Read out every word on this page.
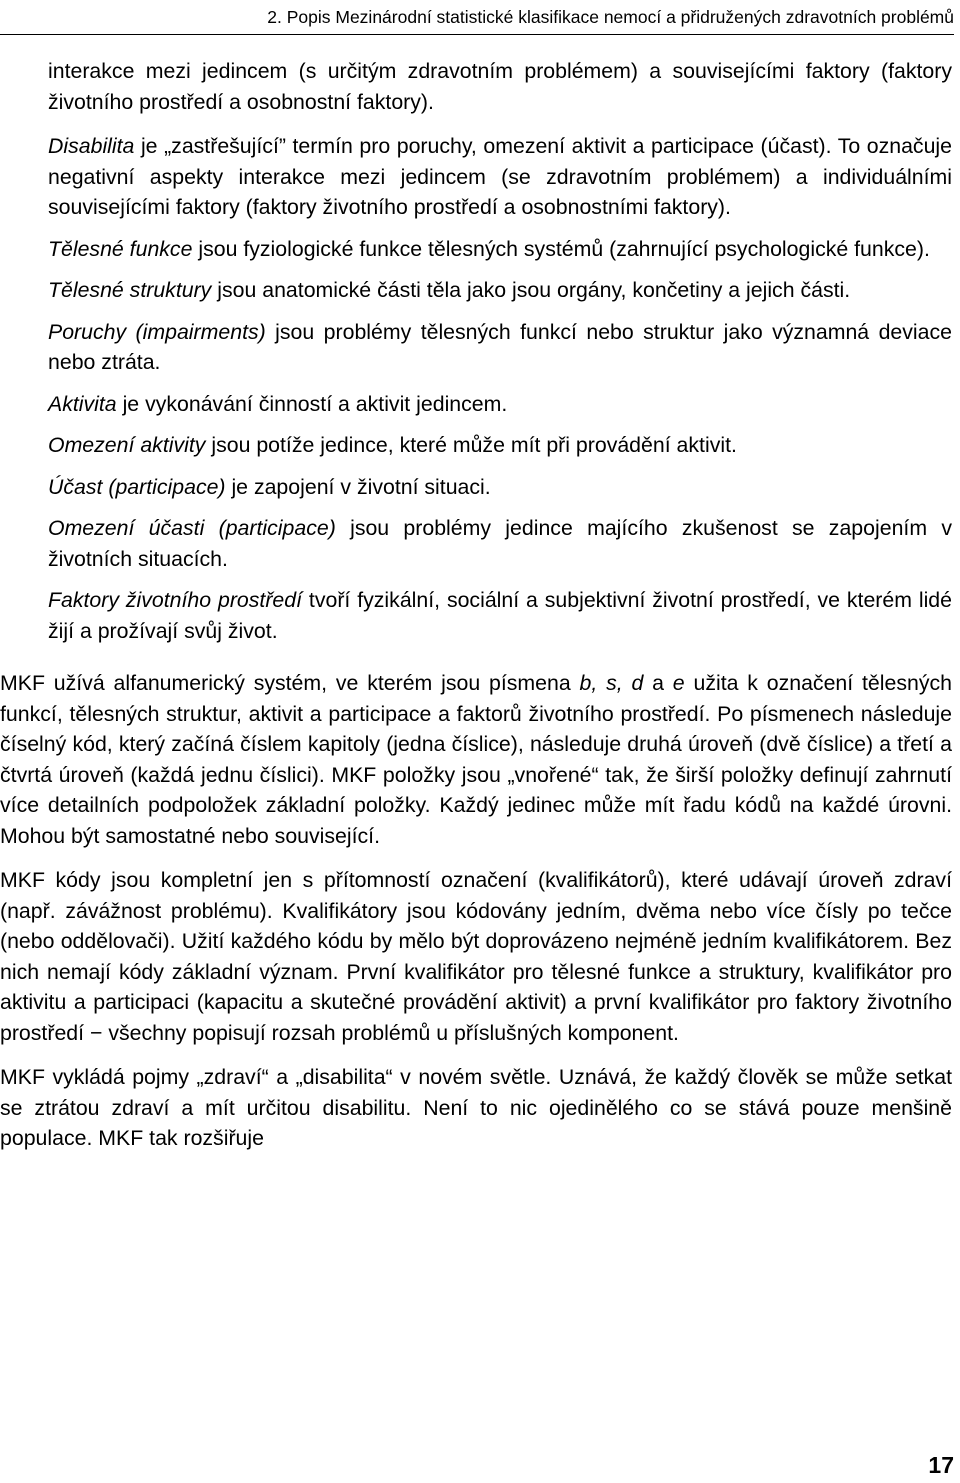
2. Popis Mezinárodní statistické klasifikace nemocí a přidružených zdravotních problémů

interakce mezi jedincem (s určitým zdravotním problémem) a souvisejícími faktory (faktory životního prostředí a osobnostní faktory).

Disabilita je „zastřešující” termín pro poruchy, omezení aktivit a participace (účast). To označuje negativní aspekty interakce mezi jedincem (se zdravotním problémem) a individuálními souvisejícími faktory (faktory životního prostředí a osobnostními faktory).

Tělesné funkce jsou fyziologické funkce tělesných systémů (zahrnující psychologické funkce).

Tělesné struktury jsou anatomické části těla jako jsou orgány, končetiny a jejich části.

Poruchy (impairments) jsou problémy tělesných funkcí nebo struktur jako významná deviace nebo ztráta.

Aktivita je vykonávání činností a aktivit jedincem.

Omezení aktivity jsou potíže jedince, které může mít při provádění aktivit.

Účast (participace) je zapojení v životní situaci.

Omezení účasti (participace) jsou problémy jedince majícího zkušenost se zapojením v životních situacích.

Faktory životního prostředí tvoří fyzikální, sociální a subjektivní životní prostředí, ve kterém lidé žijí a prožívají svůj život.

MKF užívá alfanumerický systém, ve kterém jsou písmena b, s, d a e užita k označení tělesných funkcí, tělesných struktur, aktivit a participace a faktorů životního prostředí. Po písmenech následuje číselný kód, který začíná číslem kapitoly (jedna číslice), následuje druhá úroveň (dvě číslice) a třetí a čtvrtá úroveň (každá jednu číslici). MKF položky jsou „vnořené“ tak, že širší položky definují zahrnutí více detailních podpoložek základní položky. Každý jedinec může mít řadu kódů na každé úrovni. Mohou být samostatné nebo související.

MKF kódy jsou kompletní jen s přítomností označení (kvalifikátorů), které udávají úroveň zdraví (např. závážnost problému). Kvalifikátory jsou kódovány jedním, dvěma nebo více čísly po tečce (nebo oddělovači). Užití každého kódu by mělo být doprovázeno nejméně jedním kvalifikátorem. Bez nich nemají kódy základní význam. První kvalifikátor pro tělesné funkce a struktury, kvalifikátor pro aktivitu a participaci (kapacitu a skutečné provádění aktivit) a první kvalifikátor pro faktory životního prostředí − všechny popisují rozsah problémů u příslušných komponent.

MKF vykládá pojmy „zdraví“ a „disabilita“ v novém světle. Uznává, že každý člověk se může setkat se ztrátou zdraví a mít určitou disabilitu. Není to nic ojedinělého co se stává pouze menšině populace. MKF tak rozšiřuje

17
